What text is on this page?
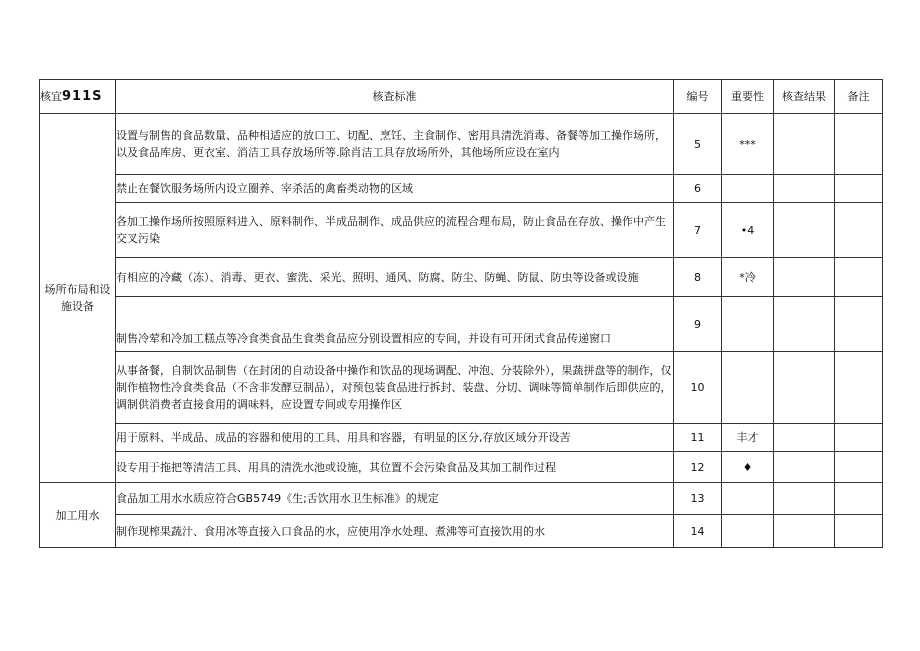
核宜911S	核查标准	编号	重要性	核查结果	备注
场所布局和设施设备	设置与制售的食品数量、品种相适应的放口工、切配、烹饪、主食制作、密用具清洗消毒、备餐等加工操作场所，以及食品库房、更衣室、消洁工具存放场所等.除肖洁工具存放场所外，其他场所应设在室内	5	***		
	禁止在餐饮服务场所内设立圈养、宰杀活的禽畜类动物的区域	6			
	各加工操作场所按照原料进入、原料制作、半成品制作、成品供应的流程合理布局，防止食品在存放、操作中产生交叉污染	7	•4		
	有相应的冷藏（冻）、消毒、更衣、蜜洗、采光、照明、通风、防腐、防尘、防蝇、防鼠、防虫等设备或设施	8	*冷		
	制售冷荤和冷加工糕点等冷食类食品生食类食品应分别设置相应的专间，并设有可开闭式食品传递窗口	9			
	从事备餐，自制饮品制售（在封闭的自动设备中操作和饮品的现场调配、冲泡、分装除外），果蔬拼盘等的制作，仅制作植物性冷食类食品（不含非发酵豆制品），对预包装食品进行拆封、装盘、分切、调味等简单制作后即供应的，调制供消费者直接食用的调味料，应设置专间或专用操作区	10			
	用于原料、半成品、成品的容器和使用的工具、用具和容器，有明显的区分,存放区域分开设苦	11	丰才		
	设专用于拖把等清洁工具、用具的清洗水池或设施，其位置不会污染食品及其加工制作过程	12	♦		
加工用水	食品加工用水水质应符合GB5749《生;舌饮用水卫生标准》的规定	13			
	制作现榨果蔬汁、食用冰等直接入口食品的水，应使用净水处理、煮沸等可直接饮用的水	14			
